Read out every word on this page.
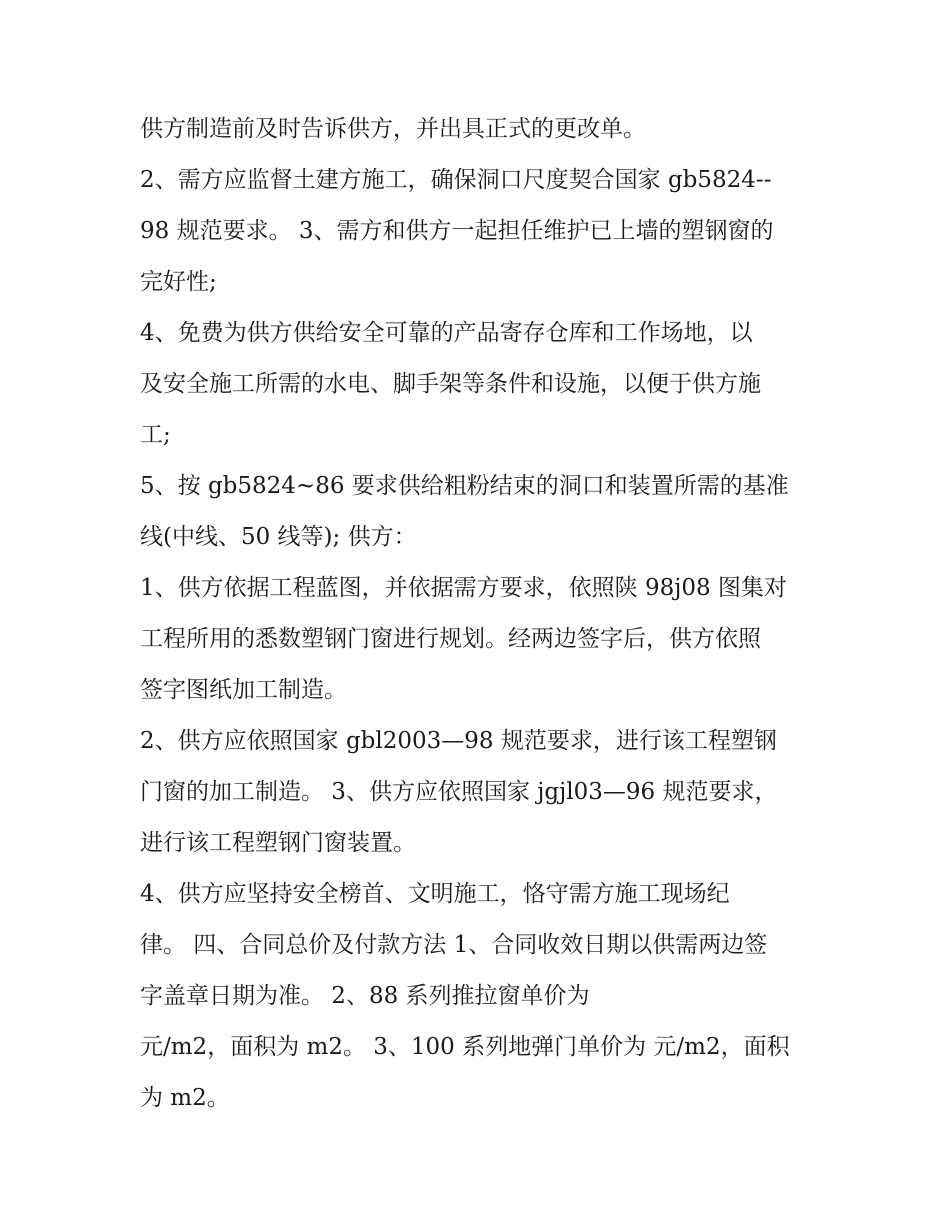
供方制造前及时告诉供方，并出具正式的更改单。
2、需方应监督土建方施工，确保洞口尺度契合国家 gb5824--
98 规范要求。 3、需方和供方一起担任维护已上墙的塑钢窗的
完好性;
4、免费为供方供给安全可靠的产品寄存仓库和工作场地，以
及安全施工所需的水电、脚手架等条件和设施，以便于供方施
工;
5、按 gb5824~86 要求供给粗粉结束的洞口和装置所需的基准
线(中线、50 线等); 供方：
1、供方依据工程蓝图，并依据需方要求，依照陕 98j08 图集对
工程所用的悉数塑钢门窗进行规划。经两边签字后，供方依照
签字图纸加工制造。
2、供方应依照国家 gbl2003—98 规范要求，进行该工程塑钢
门窗的加工制造。 3、供方应依照国家 jgjl03—96 规范要求，
进行该工程塑钢门窗装置。
4、供方应坚持安全榜首、文明施工，恪守需方施工现场纪
律。 四、合同总价及付款方法 1、合同收效日期以供需两边签
字盖章日期为准。 2、88 系列推拉窗单价为
元/m2，面积为 m2。 3、100 系列地弹门单价为 元/m2，面积
为 m2。
